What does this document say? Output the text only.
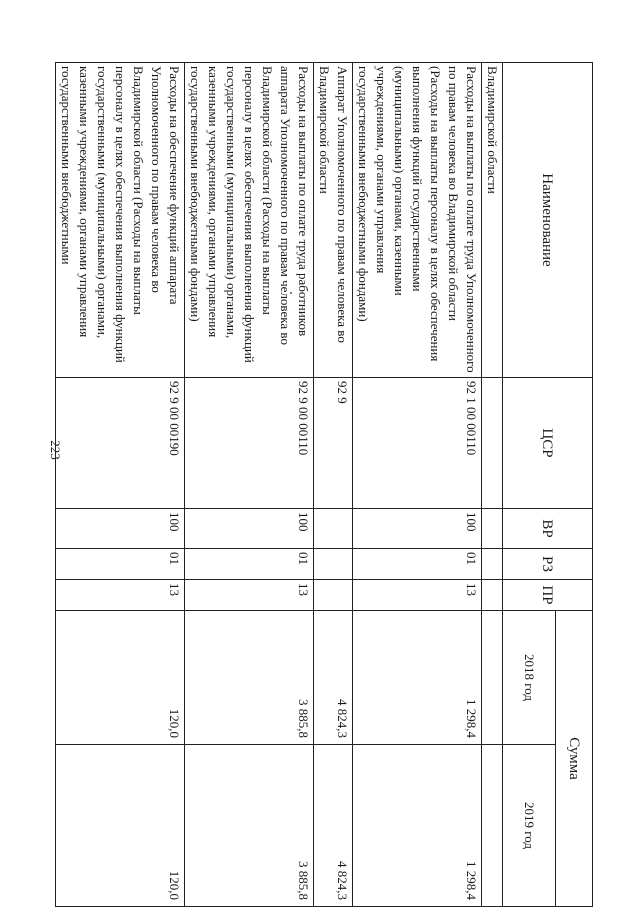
223
Наименование	ЦСР	ВР	РЗ	ПР	Сумма	
					2018 год	2019 год
Владимирской области						
Расходы на выплаты по оплате труда Уполномоченного по правам человека во Владимирской области (Расходы на выплаты персоналу в целях обеспечения выполнения функций государственными (муниципальными) органами, казенными учреждениями, органами управления государственными внебюджетными фондами)	92 1 00 00110	100	01	13	1 298,4	1 298,4
Аппарат Уполномоченного по правам человека во Владимирской области	92 9				4 824,3	4 824,3
Расходы на выплаты по оплате труда работников аппарата Уполномоченного по правам человека во Владимирской области (Расходы на выплаты персоналу в целях обеспечения выполнения функций государственными (муниципальными) органами, казенными учреждениями, органами управления государственными внебюджетными фондами)	92 9 00 00110	100	01	13	3 885,8	3 885,8
Расходы на обеспечение функций аппарата Уполномоченного по правам человека во Владимирской области (Расходы на выплаты персоналу в целях обеспечения выполнения функций государственными (муниципальными) органами, казенными учреждениями, органами управления государственными внебюджетными	92 9 00 00190	100	01	13	120,0	120,0
